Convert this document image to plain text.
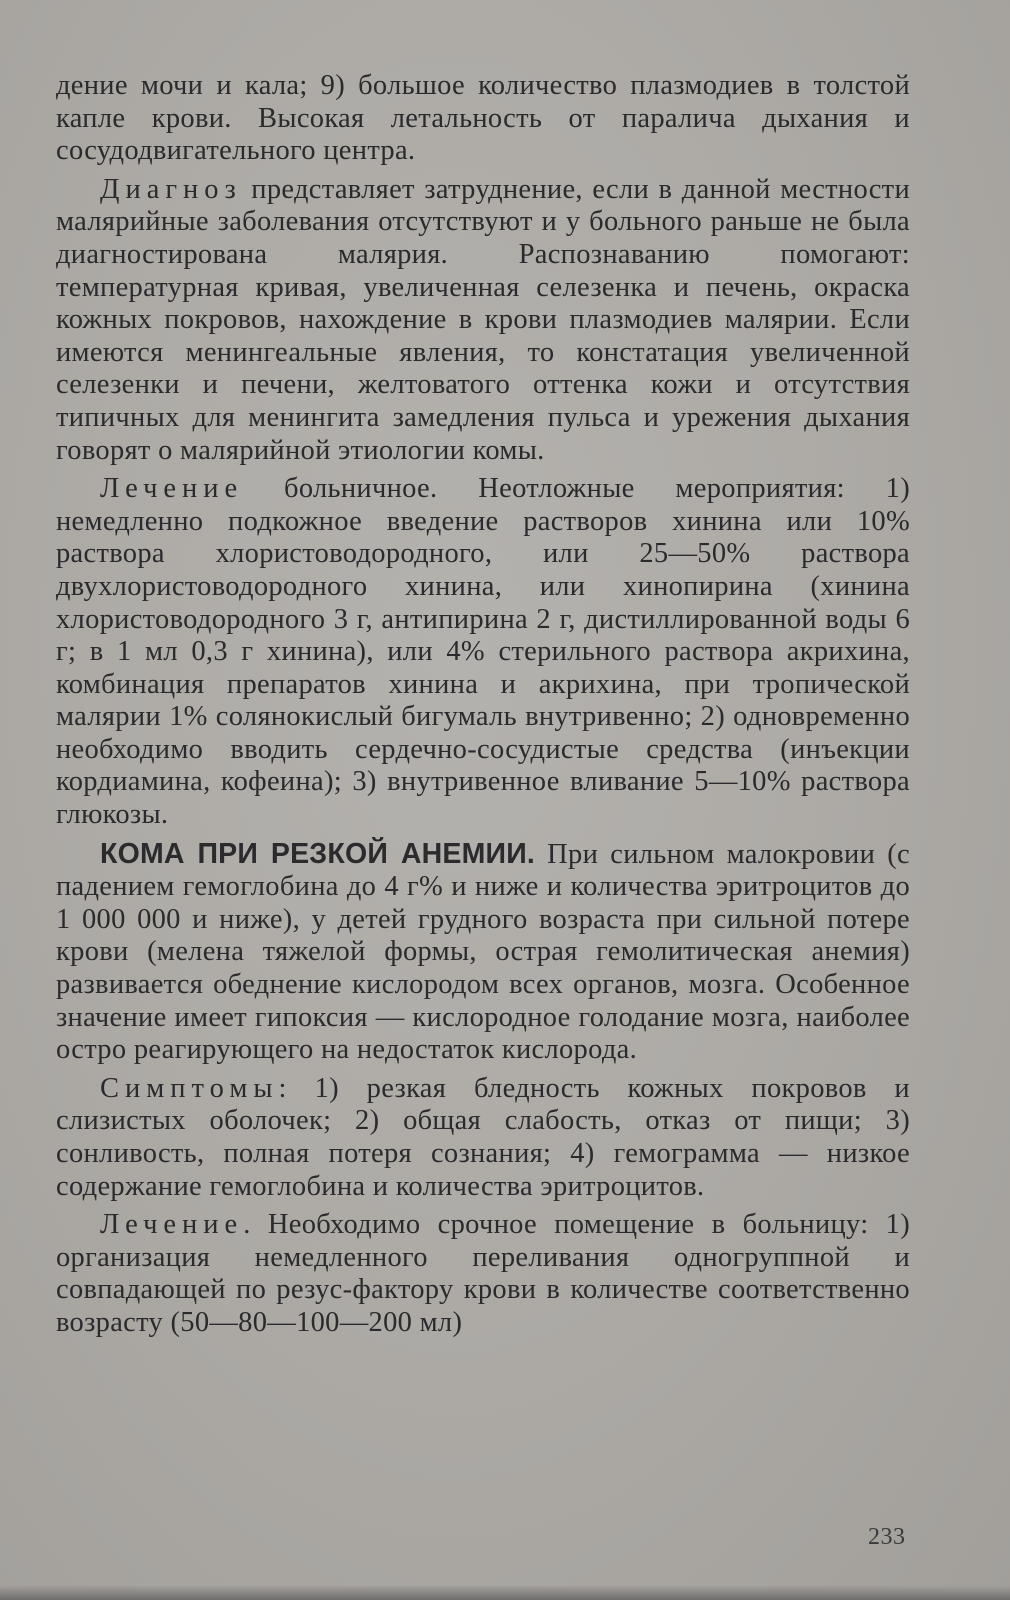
дение мочи и кала; 9) большое количество плазмодиев в толстой капле крови. Высокая летальность от паралича дыхания и сосудодвигательного центра.

Диагноз представляет затруднение, если в данной местности малярийные заболевания отсутствуют и у больного раньше не была диагностирована малярия. Распознаванию помогают: температурная кривая, увеличенная селезенка и печень, окраска кожных покровов, нахождение в крови плазмодиев малярии. Если имеются менингеальные явления, то констатация увеличенной селезенки и печени, желтоватого оттенка кожи и отсутствия типичных для менингита замедления пульса и урежения дыхания говорят о малярийной этиологии комы.

Лечение больничное. Неотложные мероприятия: 1) немедленно подкожное введение растворов хинина или 10% раствора хлористоводородного, или 25—50% раствора двухлористоводородного хинина, или хинопирина (хинина хлористоводородного 3 г, антипирина 2 г, дистиллированной воды 6 г; в 1 мл 0,3 г хинина), или 4% стерильного раствора акрихина, комбинация препаратов хинина и акрихина, при тропической малярии 1% солянокислый бигумаль внутривенно; 2) одновременно необходимо вводить сердечно-сосудистые средства (инъекции кордиамина, кофеина); 3) внутривенное вливание 5—10% раствора глюкозы.

КОМА ПРИ РЕЗКОЙ АНЕМИИ. При сильном малокровии (с падением гемоглобина до 4 г% и ниже и количества эритроцитов до 1 000 000 и ниже), у детей грудного возраста при сильной потере крови (мелена тяжелой формы, острая гемолитическая анемия) развивается обеднение кислородом всех органов, мозга. Особенное значение имеет гипоксия — кислородное голодание мозга, наиболее остро реагирующего на недостаток кислорода.

Симптомы: 1) резкая бледность кожных покровов и слизистых оболочек; 2) общая слабость, отказ от пищи; 3) сонливость, полная потеря сознания; 4) гемограмма — низкое содержание гемоглобина и количества эритроцитов.

Лечение. Необходимо срочное помещение в больницу: 1) организация немедленного переливания одногруппной и совпадающей по резус-фактору крови в количестве соответственно возрасту (50—80—100—200 мл)

233
